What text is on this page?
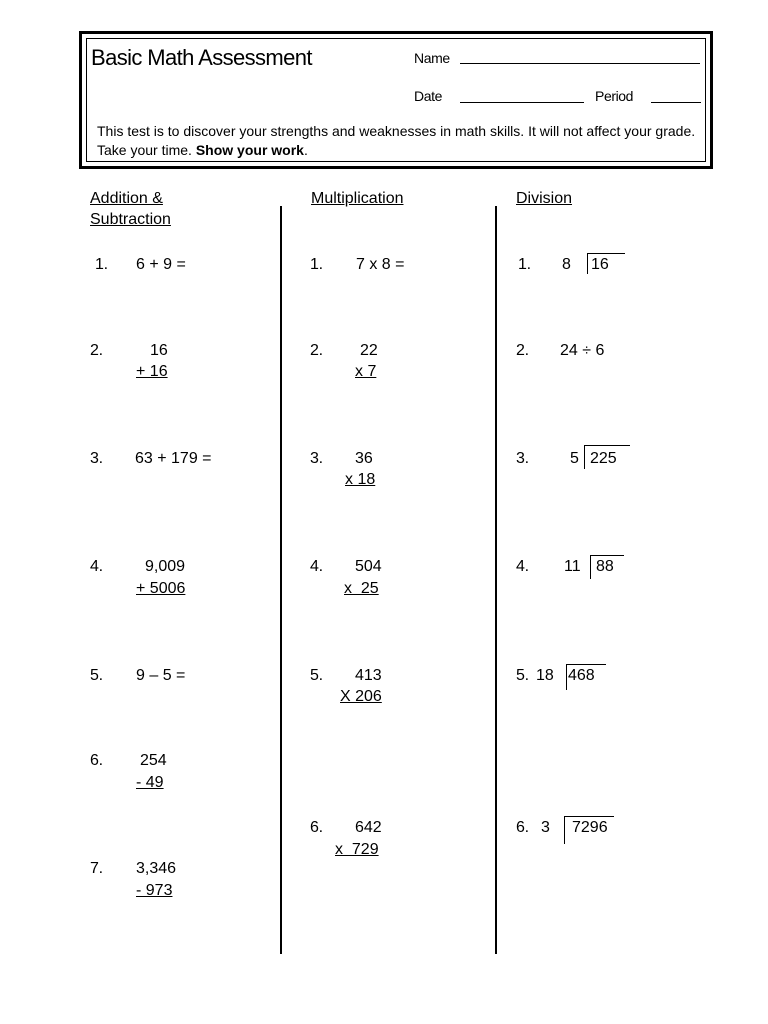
Basic Math Assessment	Name
Date	Period
This test is to discover your strengths and weaknesses in math skills. It will not affect your grade. Take your time. Show your work.
Addition &
Subtraction
1. 6 + 9 =
2.	16
+ 16
3. 63 + 179 =
4.	9,009
+ 5006
5. 9 – 5 =
6. 254
- 49
7. 3,346
- 973
Multiplication
1. 7 x 8 =
2. 22
x 7
3. 36
x 18
4. 504
x  25
5. 413
X 206
6. 642
x  729
Division
1. 8 16
2. 24 ÷ 6
3.	5 225
4. 11 88
5. 18 468
6. 3 7296
